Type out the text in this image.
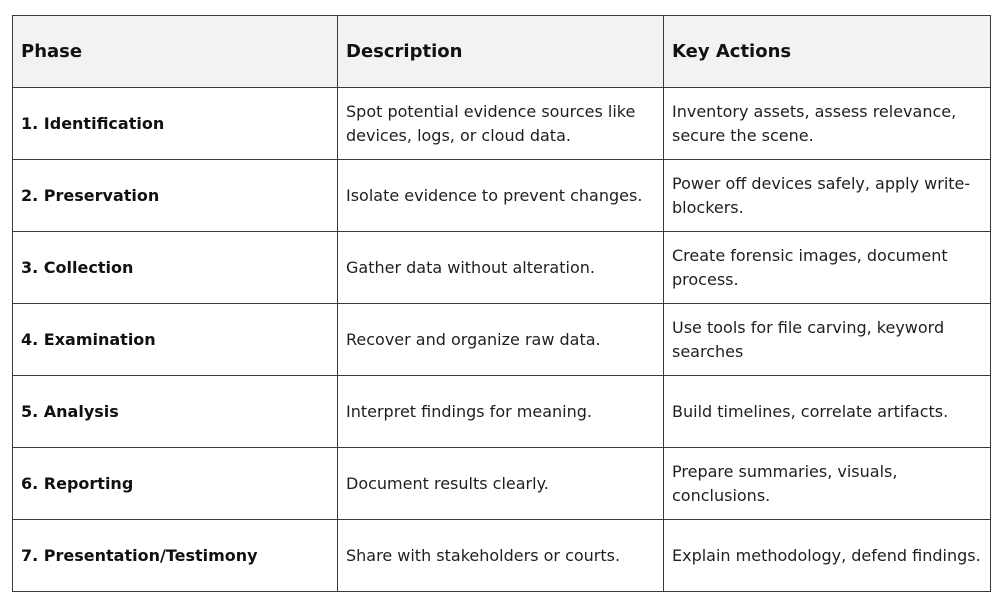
Phase	Description	Key Actions
1. Identification	Spot potential evidence sources like devices, logs, or cloud data.	Inventory assets, assess relevance, secure the scene.
2. Preservation	Isolate evidence to prevent changes.	Power off devices safely, apply write-blockers.
3. Collection	Gather data without alteration.	Create forensic images, document process.
4. Examination	Recover and organize raw data.	Use tools for file carving, keyword searches
5. Analysis	Interpret findings for meaning.	Build timelines, correlate artifacts.
6. Reporting	Document results clearly.	Prepare summaries, visuals, conclusions.
7. Presentation/Testimony	Share with stakeholders or courts.	Explain methodology, defend findings.
